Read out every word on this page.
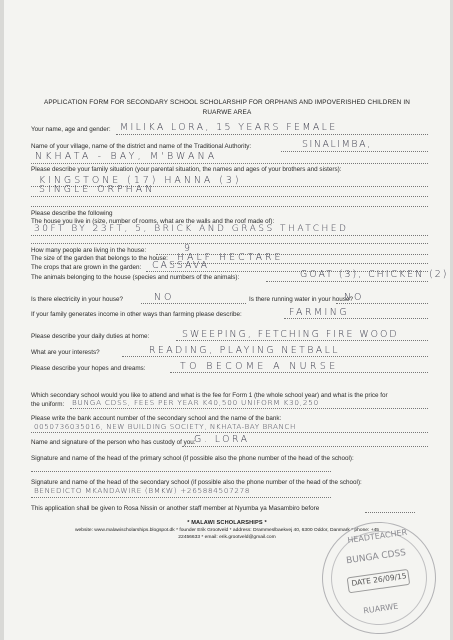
APPLICATION FORM FOR SECONDARY SCHOOL SCHOLARSHIP FOR ORPHANS AND IMPOVERISHED CHILDREN IN
RUARWE AREA
Your name, age and gender: MILIKA LORA, 15 YEARS FEMALE
Name of your village, name of the district and name of the Traditional Authority:	SINALIMBA,
NKHATA - BAY, M'BWANA
Please describe your family situation (your parental situation, the names and ages of your brothers and sisters):
KINGSTONE (17) HANNA (3)
SINGLE ORPHAN
Please describe the following
The house you live in (size, number of rooms, what are the walls and the roof made of):
30FT BY 23FT, 5, BRICK AND GRASS THATCHED
How many people are living in the house:	9
The size of the garden that belongs to the house: HALF HECTARE
The crops that are grown in the garden: CASSAVA
The animals belonging to the house (species and numbers of the animals):	GOAT (3), CHICKEN (2)
Is there electricity in your house?	NO	Is there running water in your house?
NO
If your family generates income in other ways than farming please describe:	FARMING
Please describe your daily duties at home:	SWEEPING, FETCHING FIRE WOOD
What are your interests?	READING, PLAYING NETBALL
Please describe your hopes and dreams:	TO BECOME A NURSE
Which secondary school would you like to attend and what is the fee for Form 1 (the whole school year) and what is the price for
the uniform: BUNGA CDSS, FEES PER YEAR K40,500 UNIFORM K30,250
Please write the bank account number of the secondary school and the name of the bank:
0050736035016, NEW BUILDING SOCIETY, NKHATA-BAY BRANCH
Name and signature of the person who has custody of you:
G. LORA
Signature and name of the head of the primary school (if possible also the phone number of the head of the school):
Signature and name of the head of the secondary school (if possible also the phone number of the head of the school):
BENEDICTO MKANDAWIRE (BMKW) +265884507278
This application shall be given to Rosa Nissin or another staff member at Nyumba ya Masambiro before
* MALAWI SCHOLARSHIPS *
website: www.malawischolarships.blogspot.dk * founder Erik Grootveld * address: Drammeslbaekvej 40, 6300 Oddor, Danmark * phone: +45
22456633 * email: erik.grootveld@gmail.com	HEADTEACHER
BUNGA CDSS
DATE 26/09/15
RUARWE
